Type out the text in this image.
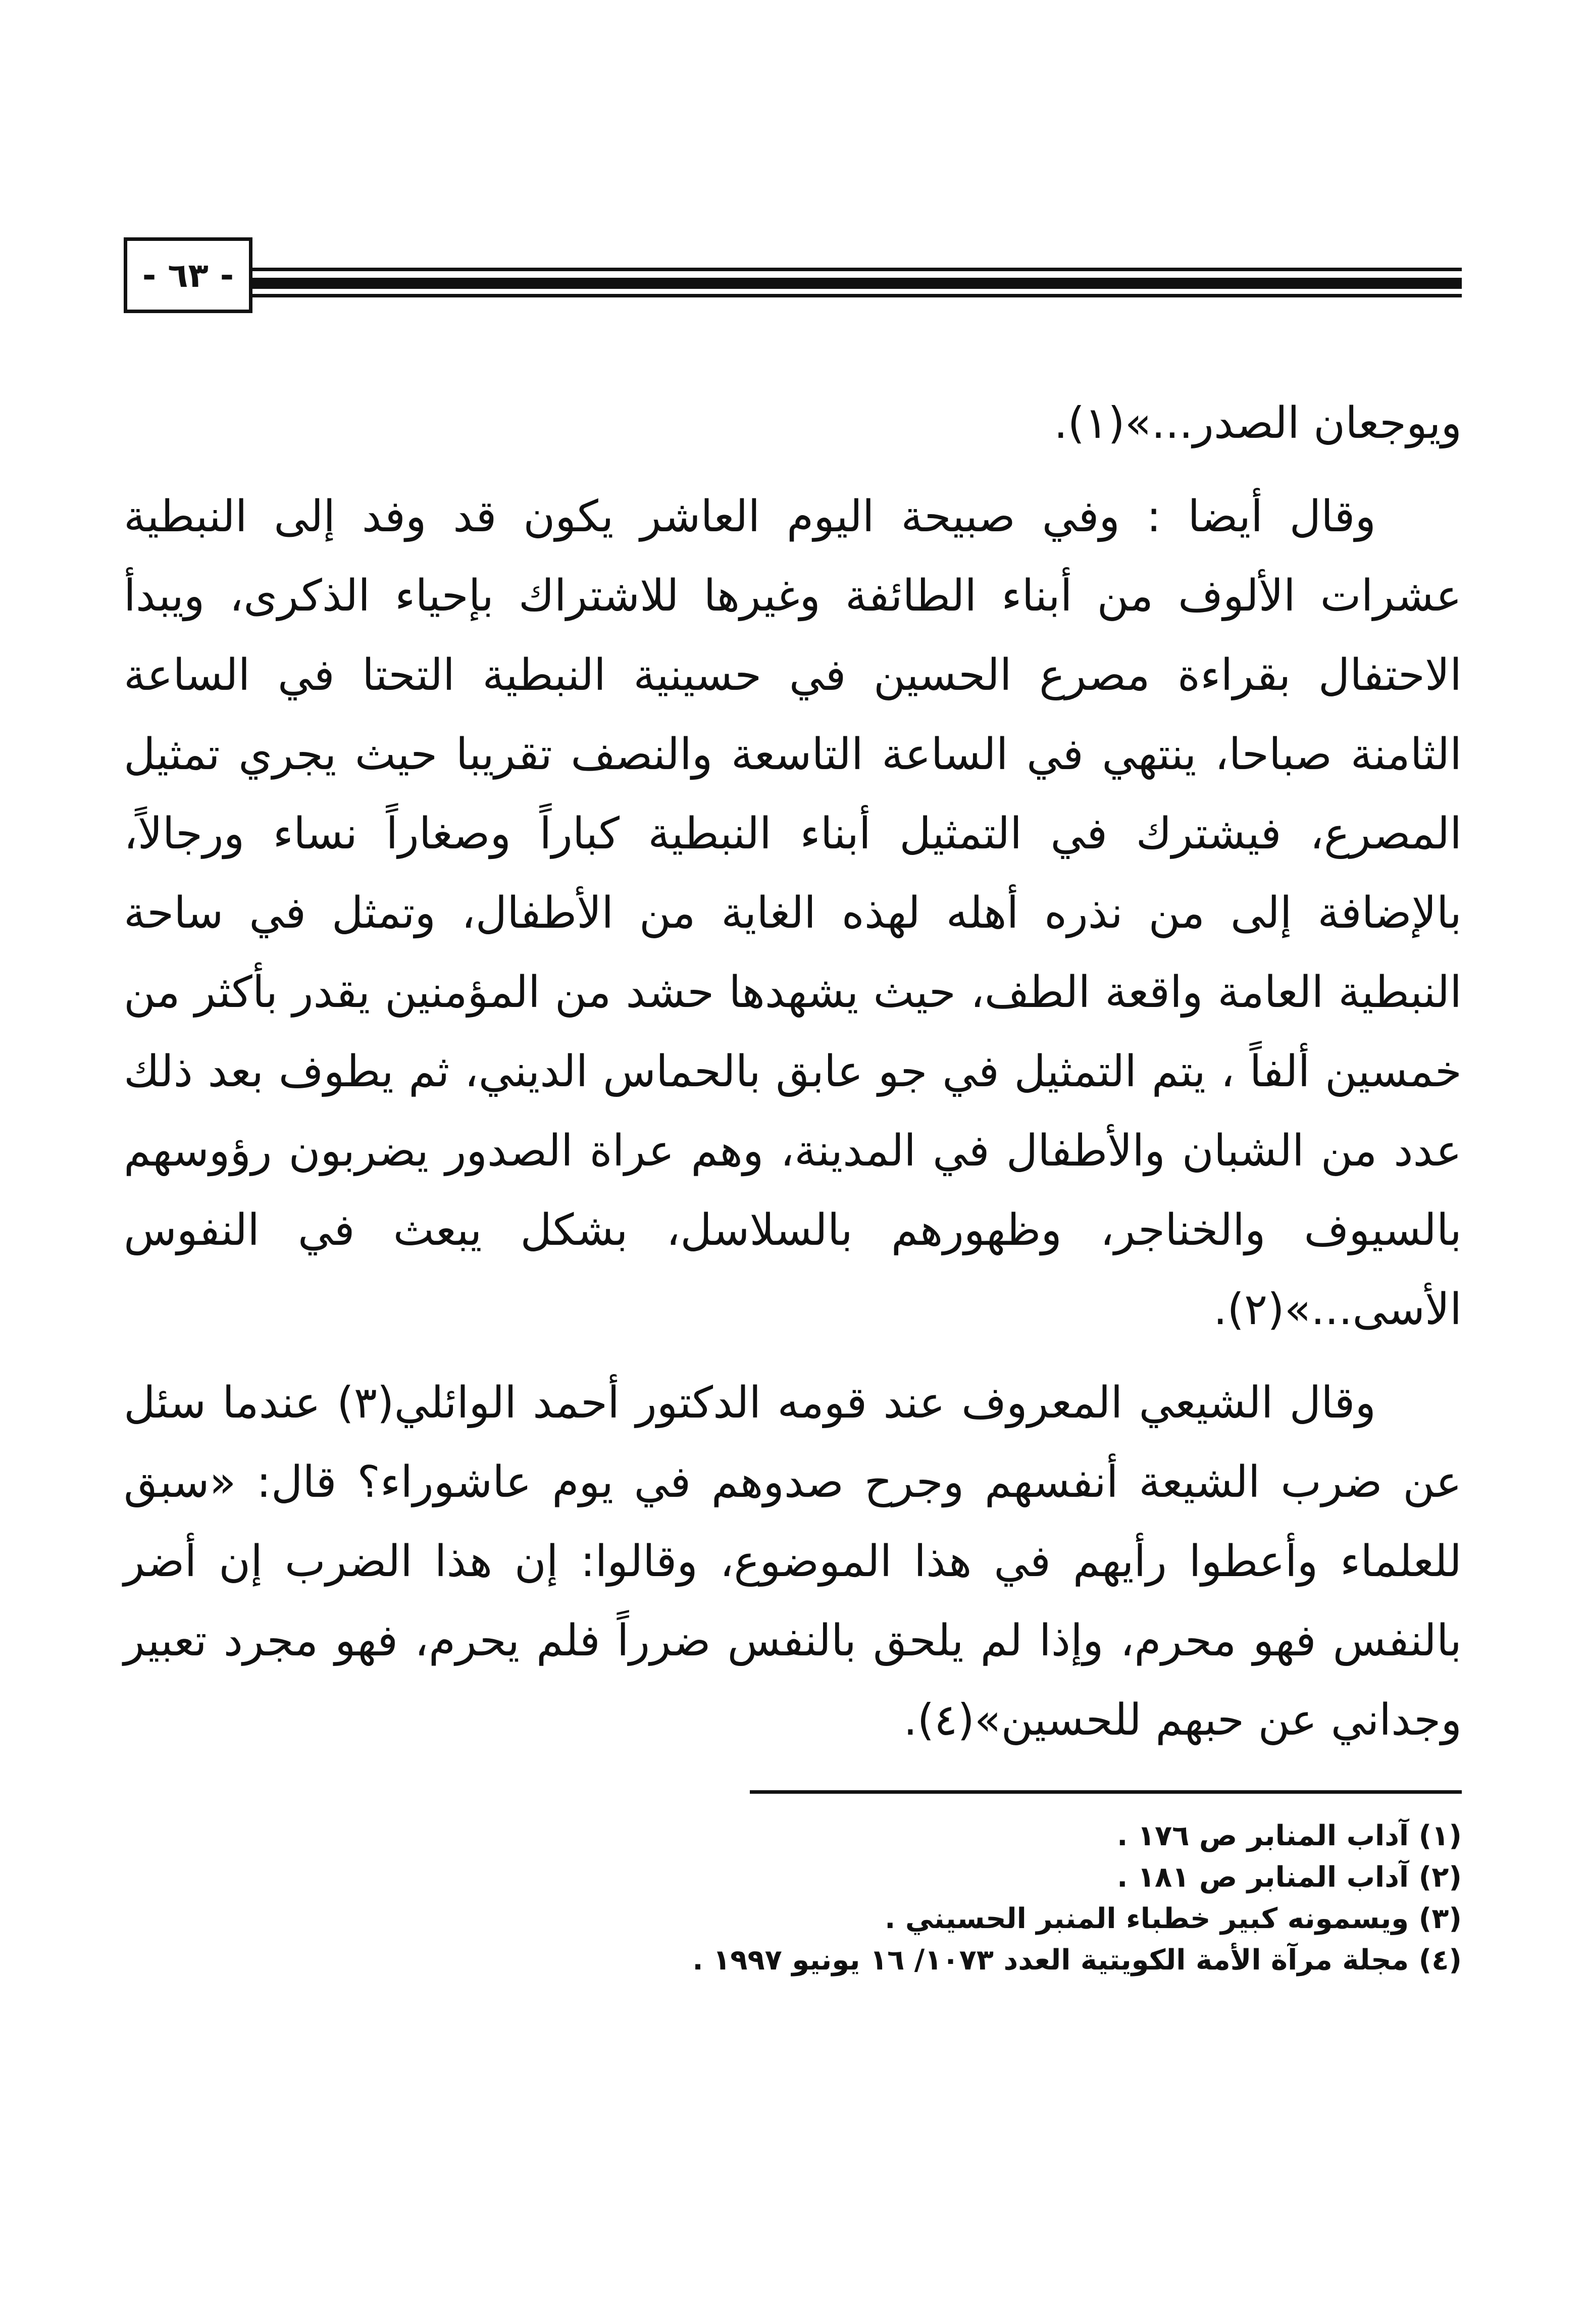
- ٦٣ -

ويوجعان الصدر...»(١).

وقال أيضا : وفي صبيحة اليوم العاشر يكون قد وفد إلى النبطية عشرات الألوف من أبناء الطائفة وغيرها للاشتراك بإحياء الذكرى، ويبدأ الاحتفال بقراءة مصرع الحسين في حسينية النبطية التحتا في الساعة الثامنة صباحا، ينتهي في الساعة التاسعة والنصف تقريبا حيث يجري تمثيل المصرع، فيشترك في التمثيل أبناء النبطية كباراً وصغاراً نساء ورجالاً، بالإضافة إلى من نذره أهله لهذه الغاية من الأطفال، وتمثل في ساحة النبطية العامة واقعة الطف، حيث يشهدها حشد من المؤمنين يقدر بأكثر من خمسين ألفاً ، يتم التمثيل في جو عابق بالحماس الديني، ثم يطوف بعد ذلك عدد من الشبان والأطفال في المدينة، وهم عراة الصدور يضربون رؤوسهم بالسيوف والخناجر، وظهورهم بالسلاسل، بشكل يبعث في النفوس الأسى...»(٢).

وقال الشيعي المعروف عند قومه الدكتور أحمد الوائلي(٣) عندما سئل عن ضرب الشيعة أنفسهم وجرح صدوهم في يوم عاشوراء؟ قال: «سبق للعلماء وأعطوا رأيهم في هذا الموضوع، وقالوا: إن هذا الضرب إن أضر بالنفس فهو محرم، وإذا لم يلحق بالنفس ضرراً فلم يحرم، فهو مجرد تعبير وجداني عن حبهم للحسين»(٤).

(١) آداب المنابر ص ١٧٦ .
(٢) آداب المنابر ص ١٨١ .
(٣) ويسمونه كبير خطباء المنبر الحسيني .
(٤) مجلة مرآة الأمة الكويتية العدد ١٠٧٣/ ١٦ يونيو ١٩٩٧ .
